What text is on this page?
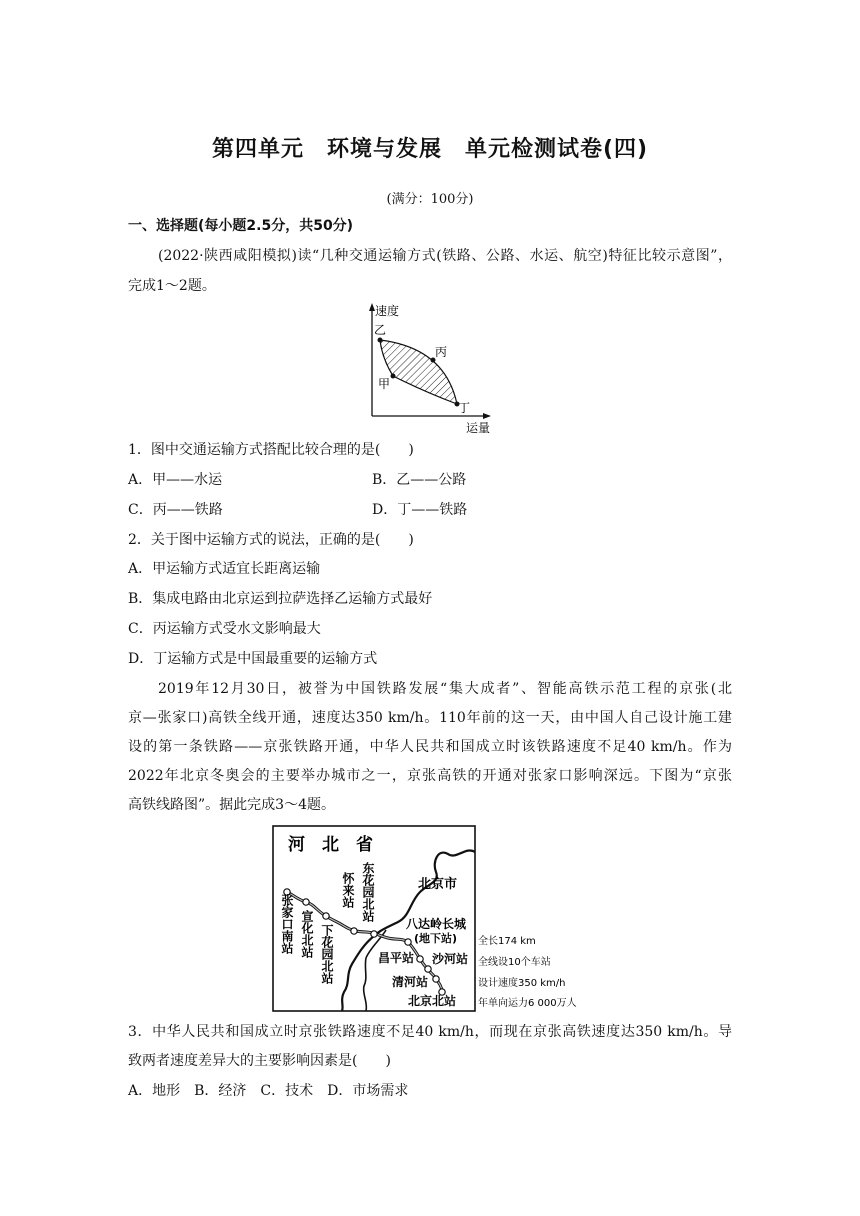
第四单元　环境与发展　单元检测试卷(四)
(满分：100分)
一、选择题(每小题2.5分，共50分)
(2022·陕西咸阳模拟)读“几种交通运输方式(铁路、公路、水运、航空)特征比较示意图”，
完成1～2题。
速度
运量
乙
丙
甲
丁
1．图中交通运输方式搭配比较合理的是(　　)
A．甲——水运	B．乙——公路
C．丙——铁路	D．丁——铁路
2．关于图中运输方式的说法，正确的是(　　)
A．甲运输方式适宜长距离运输
B．集成电路由北京运到拉萨选择乙运输方式最好
C．丙运输方式受水文影响最大
D．丁运输方式是中国最重要的运输方式
2019年12月30日，被誉为中国铁路发展“集大成者”、智能高铁示范工程的京张(北
京—张家口)高铁全线开通，速度达350 km/h。110年前的这一天，由中国人自己设计施工建
设的第一条铁路——京张铁路开通，中华人民共和国成立时该铁路速度不足40 km/h。作为
2022年北京冬奥会的主要举办城市之一，京张高铁的开通对张家口影响深远。下图为“京张
高铁线路图”。据此完成3～4题。
河　北　省
北京市
张家口南站 宣化北站 下花园北站
怀来站 东花园北站
八达岭长城
(地下站)
昌平站 沙河站
清河站
北京北站
全长174 km
全线设10个车站
设计速度350 km/h
年单向运力6 000万人
3．中华人民共和国成立时京张铁路速度不足40 km/h，而现在京张高铁速度达350 km/h。导
致两者速度差异大的主要影响因素是(　　)
A．地形　B．经济　C．技术　D．市场需求
